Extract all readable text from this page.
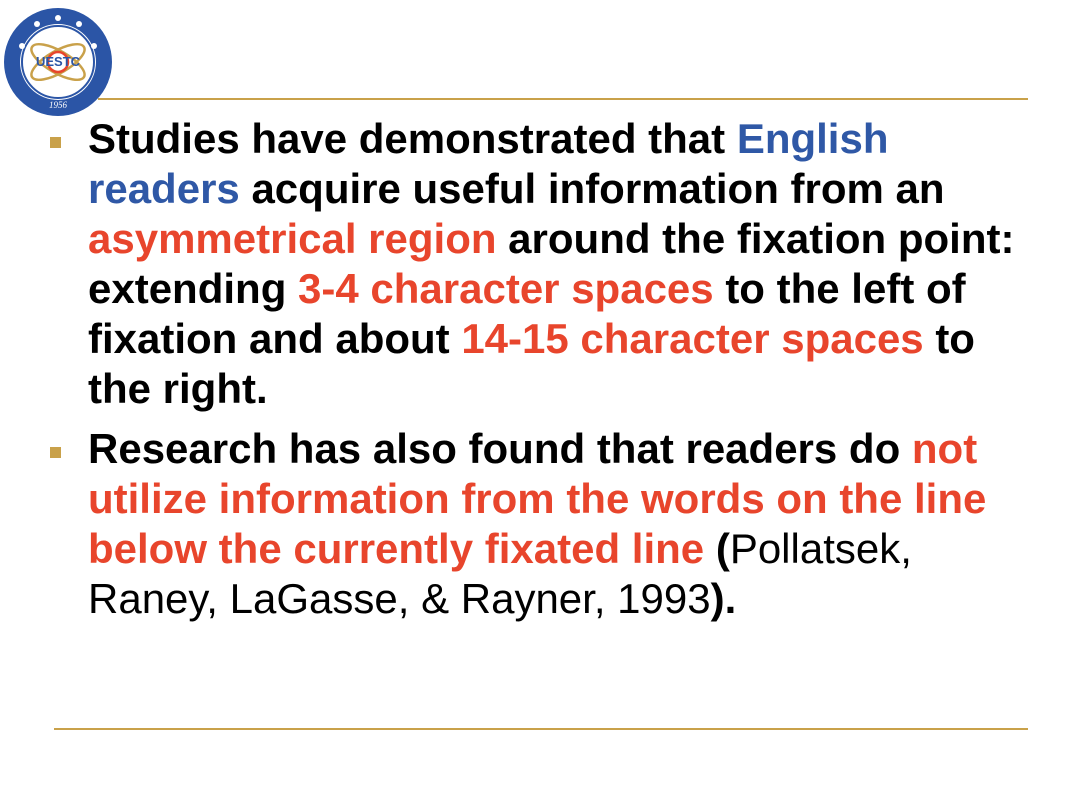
UESTC
1956
Studies have demonstrated that English readers acquire useful information from an asymmetrical region around the fixation point: extending 3-4 character spaces to the left of fixation and about 14-15 character spaces to the right.
Research has also found that readers do not utilize information from the words on the line below the currently fixated line (Pollatsek, Raney, LaGasse, & Rayner, 1993).
